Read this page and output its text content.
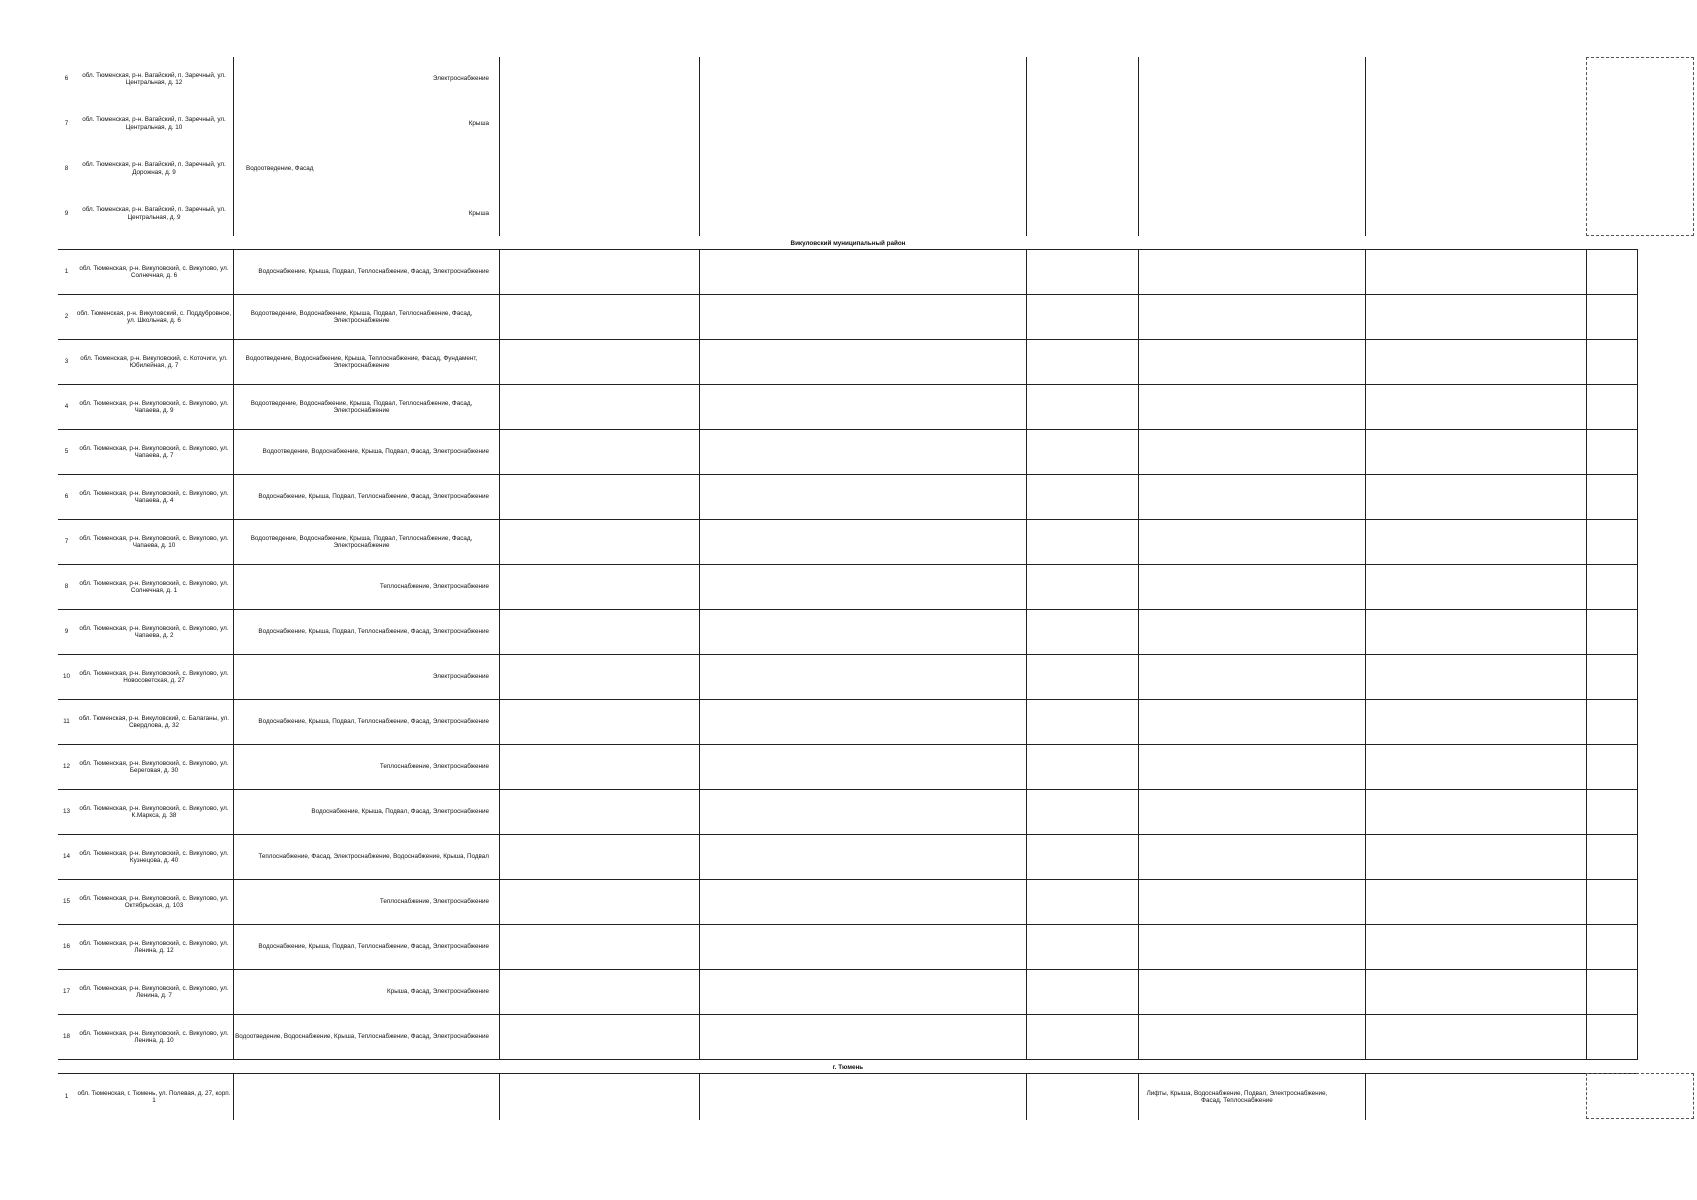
6
обл. Тюменская, р-н. Вагайский, п. Заречный, ул. Центральная, д. 12
Электроснабжение
7
обл. Тюменская, р-н. Вагайский, п. Заречный, ул. Центральная, д. 10
Крыша
8
обл. Тюменская, р-н. Вагайский, п. Заречный, ул. Дорожная, д. 9
Водоотведение, Фасад
9
обл. Тюменская, р-н. Вагайский, п. Заречный, ул. Центральная, д. 9
Крыша
Викуловский муниципальный район
1
обл. Тюменская, р-н. Викуловский, с. Викулово, ул. Солнечная, д. 6
Водоснабжение, Крыша, Подвал, Теплоснабжение, Фасад, Электроснабжение
2
обл. Тюменская, р-н. Викуловский, с. Поддубровное, ул. Школьная, д. 6
Водоотведение, Водоснабжение, Крыша, Подвал, Теплоснабжение, Фасад, Электроснабжение
3
обл. Тюменская, р-н. Викуловский, с. Коточиги, ул. Юбилейная, д. 7
Водоотведение, Водоснабжение, Крыша, Теплоснабжение, Фасад, Фундамент, Электроснабжение
4
обл. Тюменская, р-н. Викуловский, с. Викулово, ул. Чапаева, д. 9
Водоотведение, Водоснабжение, Крыша, Подвал, Теплоснабжение, Фасад, Электроснабжение
5
обл. Тюменская, р-н. Викуловский, с. Викулово, ул. Чапаева, д. 7
Водоотведение, Водоснабжение, Крыша, Подвал, Фасад, Электроснабжение
6
обл. Тюменская, р-н. Викуловский, с. Викулово, ул. Чапаева, д. 4
Водоснабжение, Крыша, Подвал, Теплоснабжение, Фасад, Электроснабжение
7
обл. Тюменская, р-н. Викуловский, с. Викулово, ул. Чапаева, д. 10
Водоотведение, Водоснабжение, Крыша, Подвал, Теплоснабжение, Фасад, Электроснабжение
8
обл. Тюменская, р-н. Викуловский, с. Викулово, ул. Солнечная, д. 1
Теплоснабжение, Электроснабжение
9
обл. Тюменская, р-н. Викуловский, с. Викулово, ул. Чапаева, д. 2
Водоснабжение, Крыша, Подвал, Теплоснабжение, Фасад, Электроснабжение
10
обл. Тюменская, р-н. Викуловский, с. Викулово, ул. Новосоветская, д. 27
Электроснабжение
11
обл. Тюменская, р-н. Викуловский, с. Балаганы, ул. Свердлова, д. 32
Водоснабжение, Крыша, Подвал, Теплоснабжение, Фасад, Электроснабжение
12
обл. Тюменская, р-н. Викуловский, с. Викулово, ул. Береговая, д. 30
Теплоснабжение, Электроснабжение
13
обл. Тюменская, р-н. Викуловский, с. Викулово, ул. К.Маркса, д. 38
Водоснабжение, Крыша, Подвал, Фасад, Электроснабжение
14
обл. Тюменская, р-н. Викуловский, с. Викулово, ул. Кузнецова, д. 40
Теплоснабжение, Фасад, Электроснабжение, Водоснабжение, Крыша, Подвал
15
обл. Тюменская, р-н. Викуловский, с. Викулово, ул. Октябрьская, д. 103
Теплоснабжение, Электроснабжение
16
обл. Тюменская, р-н. Викуловский, с. Викулово, ул. Ленина, д. 12
Водоснабжение, Крыша, Подвал, Теплоснабжение, Фасад, Электроснабжение
17
обл. Тюменская, р-н. Викуловский, с. Викулово, ул. Ленина, д. 7
Крыша, Фасад, Электроснабжение
18
обл. Тюменская, р-н. Викуловский, с. Викулово, ул. Ленина, д. 10
Водоотведение, Водоснабжение, Крыша, Теплоснабжение, Фасад, Электроснабжение
г. Тюмень
1
обл. Тюменская, г. Тюмень, ул. Полевая, д. 27, корп. 1
Лифты, Крыша, Водоснабжение, Подвал, Электроснабжение, Фасад, Теплоснабжение
